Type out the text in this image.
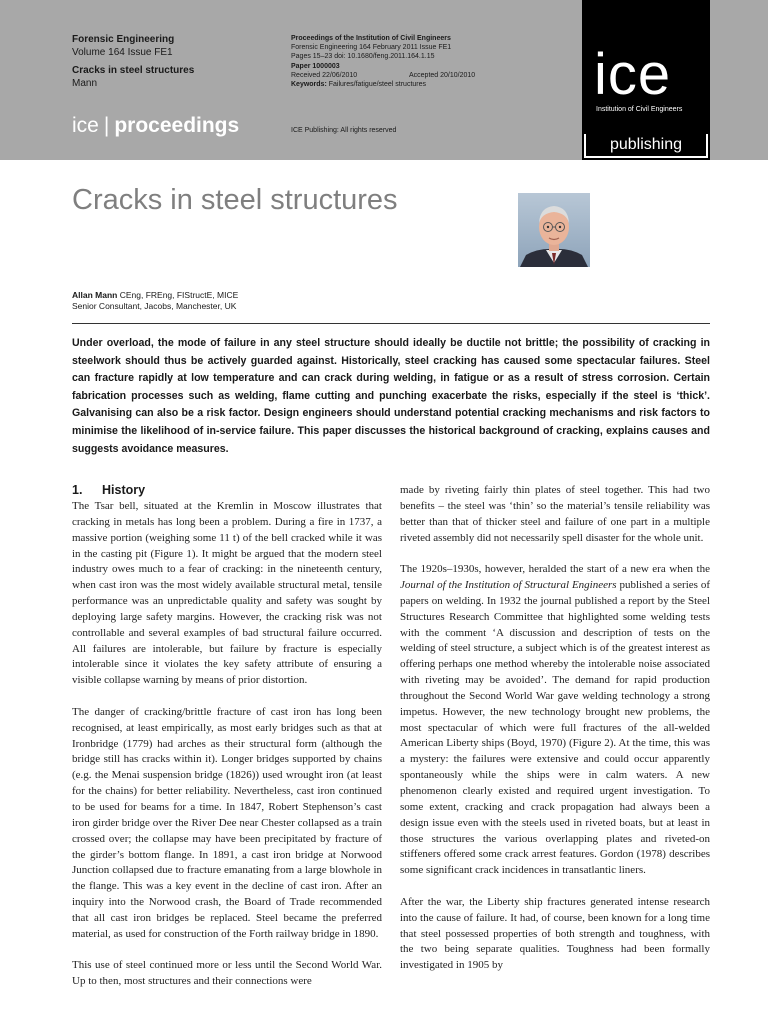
Forensic Engineering
Volume 164 Issue FE1
Cracks in steel structures
Mann
ice | proceedings
Proceedings of the Institution of Civil Engineers
Forensic Engineering 164 February 2011 Issue FE1
Pages 15–23 doi: 10.1680/feng.2011.164.1.15
Paper 1000003
Received 22/06/2010	Accepted 20/10/2010
Keywords: Failures/fatigue/steel structures
ICE Publishing: All rights reserved
ice
Institution of Civil Engineers
publishing
Cracks in steel structures
Allan Mann CEng, FREng, FIStructE, MICE
Senior Consultant, Jacobs, Manchester, UK
Under overload, the mode of failure in any steel structure should ideally be ductile not brittle; the possibility of cracking in steelwork should thus be actively guarded against. Historically, steel cracking has caused some spectacular failures. Steel can fracture rapidly at low temperature and can crack during welding, in fatigue or as a result of stress corrosion. Certain fabrication processes such as welding, flame cutting and punching exacerbate the risks, especially if the steel is ‘thick’. Galvanising can also be a risk factor. Design engineers should understand potential cracking mechanisms and risk factors to minimise the likelihood of in-service failure. This paper discusses the historical background of cracking, explains causes and suggests avoidance measures.
1. History

The Tsar bell, situated at the Kremlin in Moscow illustrates that cracking in metals has long been a problem. During a fire in 1737, a massive portion (weighing some 11 t) of the bell cracked while it was in the casting pit (Figure 1). It might be argued that the modern steel industry owes much to a fear of cracking: in the nineteenth century, when cast iron was the most widely available structural metal, tensile performance was an unpredictable quality and safety was sought by deploying large safety margins. However, the cracking risk was not controllable and several examples of bad structural failure occurred. All failures are intolerable, but failure by fracture is especially intolerable since it violates the key safety attribute of ensuring a visible collapse warning by means of prior distortion.

The danger of cracking/brittle fracture of cast iron has long been recognised, at least empirically, as most early bridges such as that at Ironbridge (1779) had arches as their structural form (although the bridge still has cracks within it). Longer bridges supported by chains (e.g. the Menai suspension bridge (1826)) used wrought iron (at least for the chains) for better reliability. Nevertheless, cast iron continued to be used for beams for a time. In 1847, Robert Stephenson’s cast iron girder bridge over the River Dee near Chester collapsed as a train crossed over; the collapse may have been precipitated by fracture of the girder’s bottom flange. In 1891, a cast iron bridge at Norwood Junction collapsed due to fracture emanating from a large blowhole in the flange. This was a key event in the decline of cast iron. After an inquiry into the Norwood crash, the Board of Trade recommended that all cast iron bridges be replaced. Steel became the preferred material, as used for construction of the Forth railway bridge in 1890.

This use of steel continued more or less until the Second World War. Up to then, most structures and their connections were

made by riveting fairly thin plates of steel together. This had two benefits – the steel was ‘thin’ so the material’s tensile reliability was better than that of thicker steel and failure of one part in a multiple riveted assembly did not necessarily spell disaster for the whole unit.

The 1920s–1930s, however, heralded the start of a new era when the Journal of the Institution of Structural Engineers published a series of papers on welding. In 1932 the journal published a report by the Steel Structures Research Committee that highlighted some welding tests with the comment ‘A discussion and description of tests on the welding of steel structure, a subject which is of the greatest interest as offering perhaps one method whereby the intolerable noise associated with riveting may be avoided’. The demand for rapid production throughout the Second World War gave welding technology a strong impetus. However, the new technology brought new problems, the most spectacular of which were full fractures of the all-welded American Liberty ships (Boyd, 1970) (Figure 2). At the time, this was a mystery: the failures were extensive and could occur apparently spontaneously while the ships were in calm waters. A new phenomenon clearly existed and required urgent investigation. To some extent, cracking and crack propagation had always been a design issue even with the steels used in riveted boats, but at least in those structures the various overlapping plates and riveted-on stiffeners offered some crack arrest features. Gordon (1978) describes some significant crack incidences in transatlantic liners.

After the war, the Liberty ship fractures generated intense research into the cause of failure. It had, of course, been known for a long time that steel possessed properties of both strength and toughness, with the two being separate qualities. Toughness had been formally investigated in 1905 by
